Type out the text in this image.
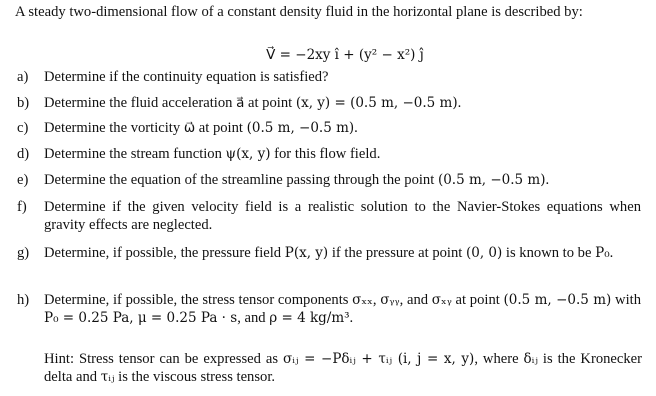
A steady two-dimensional flow of a constant density fluid in the horizontal plane is described by:
V⃗ = −2xy î + (y² − x²) ĵ
a)	Determine if the continuity equation is satisfied?
b)	Determine the fluid acceleration a⃗ at point (x, y) = (0.5 m, −0.5 m).
c)	Determine the vorticity ω⃗ at point (0.5 m, −0.5 m).
d)	Determine the stream function ψ(x, y) for this flow field.
e)	Determine the equation of the streamline passing through the point (0.5 m, −0.5 m).
f)	Determine if the given velocity field is a realistic solution to the Navier-Stokes equations when gravity effects are neglected.
g)	Determine, if possible, the pressure field P(x, y) if the pressure at point (0, 0) is known to be P₀.
h)	Determine, if possible, the stress tensor components σₓₓ, σᵧᵧ, and σₓᵧ at point (0.5 m, −0.5 m) with P₀ = 0.25 Pa, μ = 0.25 Pa · s, and ρ = 4 kg/m³.
Hint: Stress tensor can be expressed as σᵢⱼ = −Pδᵢⱼ + τᵢⱼ (i, j = x, y), where δᵢⱼ is the Kronecker delta and τᵢⱼ is the viscous stress tensor.
